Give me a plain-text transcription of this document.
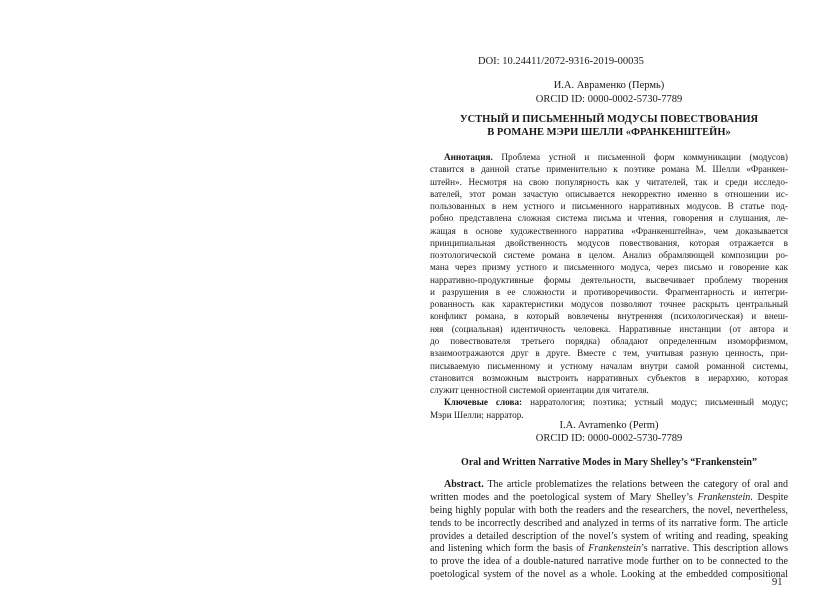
DOI: 10.24411/2072-9316-2019-00035
И.А. Авраменко (Пермь)
ORCID ID: 0000-0002-5730-7789
УСТНЫЙ И ПИСЬМЕННЫЙ МОДУСЫ ПОВЕСТВОВАНИЯ
В РОМАНЕ МЭРИ ШЕЛЛИ «ФРАНКЕНШТЕЙН»
Аннотация. Проблема устной и письменной форм коммуникации (модусов)
ставится в данной статье применительно к поэтике романа М. Шелли «Франкен-
штейн». Несмотря на свою популярность как у читателей, так и среди исследо-
вателей, этот роман зачастую описывается некорректно именно в отношении ис-
пользованных в нем устного и письменного нарративных модусов. В статье под-
робно представлена сложная система письма и чтения, говорения и слушания, ле-
жащая в основе художественного нарратива «Франкенштейна», чем доказывается
принципиальная двойственность модусов повествования, которая отражается в
поэтологической системе романа в целом. Анализ обрамляющей композиции ро-
мана через призму устного и письменного модуса, через письмо и говорение как
нарративно-продуктивные формы деятельности, высвечивает проблему творения
и разрушения в ее сложности и противоречивости. Фрагментарность и интегри-
рованность как характеристики модусов позволяют точнее раскрыть центральный
конфликт романа, в который вовлечены внутренняя (психологическая) и внеш-
няя (социальная) идентичность человека. Нарративные инстанции (от автора и
до повествователя третьего порядка) обладают определенным изоморфизмом,
взаимоотражаются друг в друге. Вместе с тем, учитывая разную ценность, при-
писываемую письменному и устному началам внутри самой романной системы,
становится возможным выстроить нарративных субъектов в иерархию, которая
служит ценностной системой ориентации для читателя.
Ключевые слова: нарратология; поэтика; устный модус; письменный модус;
Мэри Шелли; нарратор.
I.A. Avramenko (Perm)
ORCID ID: 0000-0002-5730-7789
Oral and Written Narrative Modes in Mary Shelley’s “Frankenstein”
Abstract. The article problematizes the relations between the category of oral and
written modes and the poetological system of Mary Shelley’s Frankenstein. Despite
being highly popular with both the readers and the researchers, the novel, nevertheless,
tends to be incorrectly described and analyzed in terms of its narrative form. The article
provides a detailed description of the novel’s system of writing and reading, speaking
and listening which form the basis of Frankenstein’s narrative. This description allows
to prove the idea of a double-natured narrative mode further on to be connected to the
poetological system of the novel as a whole. Looking at the embedded compositional
91
